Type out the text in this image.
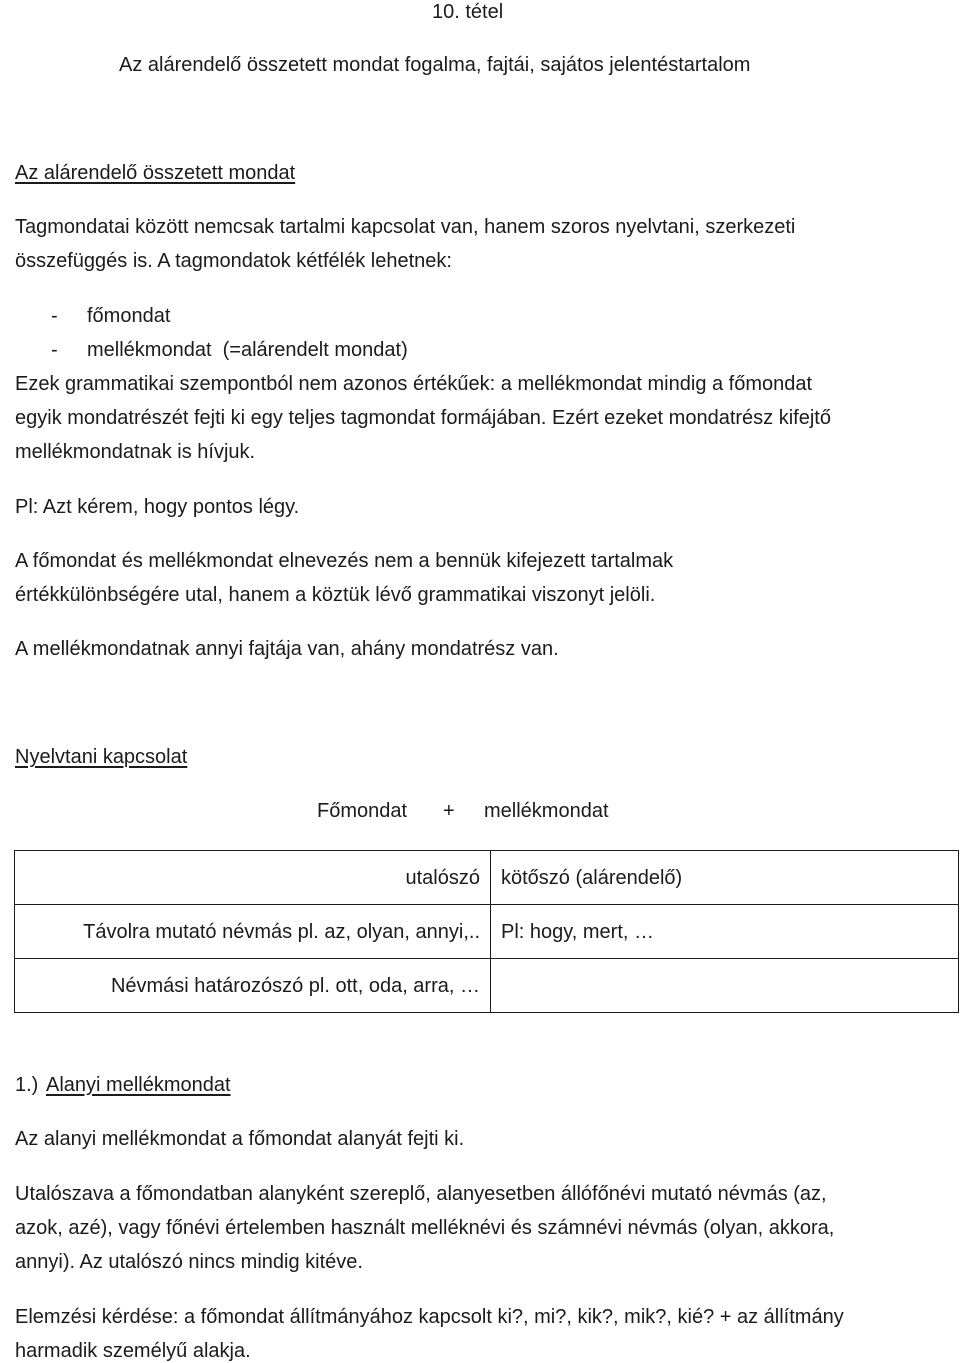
10. tétel
Az alárendelő összetett mondat fogalma, fajtái, sajátos jelentéstartalom
Az alárendelő összetett mondat
Tagmondatai között nemcsak tartalmi kapcsolat van, hanem szoros nyelvtani, szerkezeti
összefüggés is. A tagmondatok kétfélék lehetnek:
- főmondat
- mellékmondat  (=alárendelt mondat)
Ezek grammatikai szempontból nem azonos értékűek: a mellékmondat mindig a főmondat
egyik mondatrészét fejti ki egy teljes tagmondat formájában. Ezért ezeket mondatrész kifejtő
mellékmondatnak is hívjuk.
Pl: Azt kérem, hogy pontos légy.
A főmondat és mellékmondat elnevezés nem a bennük kifejezett tartalmak
értékkülönbségére utal, hanem a köztük lévő grammatikai viszonyt jelöli.
A mellékmondatnak annyi fajtája van, ahány mondatrész van.
Nyelvtani kapcsolat
Főmondat + mellékmondat
utalószó	kötőszó (alárendelő)
Távolra mutató névmás pl. az, olyan, annyi,..	Pl: hogy, mert, …
Névmási határozószó pl. ott, oda, arra, …	
1.) Alanyi mellékmondat
Az alanyi mellékmondat a főmondat alanyát fejti ki.
Utalószava a főmondatban alanyként szereplő, alanyesetben állófőnévi mutató névmás (az,
azok, azé), vagy főnévi értelemben használt melléknévi és számnévi névmás (olyan, akkora,
annyi). Az utalószó nincs mindig kitéve.
Elemzési kérdése: a főmondat állítmányához kapcsolt ki?, mi?, kik?, mik?, kié? + az állítmány
harmadik személyű alakja.
